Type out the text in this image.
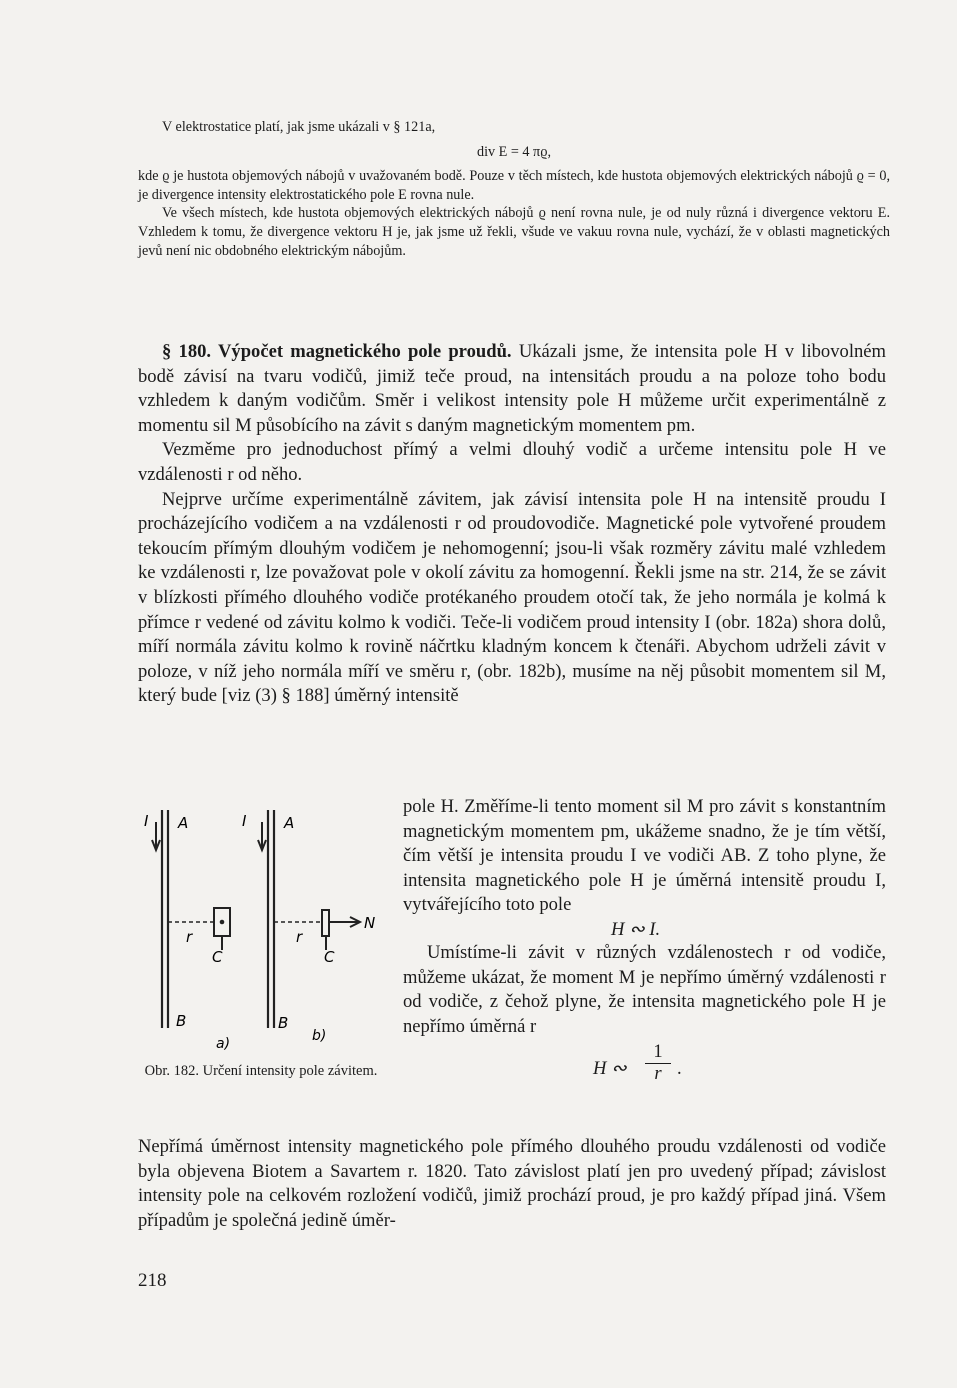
V elektrostatice platí, jak jsme ukázali v § 121a,

div E = 4 πϱ,

kde ϱ je hustota objemových nábojů v uvažovaném bodě. Pouze v těch místech, kde hustota objemových elektrických nábojů ϱ = 0, je divergence intensity elektrostatického pole E rovna nule.

Ve všech místech, kde hustota objemových elektrických nábojů ϱ není rovna nule, je od nuly různá i divergence vektoru E. Vzhledem k tomu, že divergence vektoru H je, jak jsme už řekli, všude ve vakuu rovna nule, vychází, že v oblasti magnetických jevů není nic obdobného elektrickým nábojům.

§ 180. Výpočet magnetického pole proudů. Ukázali jsme, že intensita pole H v libovolném bodě závisí na tvaru vodičů, jimiž teče proud, na intensitách proudu a na poloze toho bodu vzhledem k daným vodičům. Směr i velikost intensity pole H můžeme určit experimentálně z momentu sil M působícího na závit s daným magnetickým momentem pm.

Vezměme pro jednoduchost přímý a velmi dlouhý vodič a určeme intensitu pole H ve vzdálenosti r od něho.

Nejprve určíme experimentálně závitem, jak závisí intensita pole H na intensitě proudu I procházejícího vodičem a na vzdálenosti r od proudovodiče. Magnetické pole vytvořené proudem tekoucím přímým dlouhým vodičem je nehomogenní; jsou-li však rozměry závitu malé vzhledem ke vzdálenosti r, lze považovat pole v okolí závitu za homogenní. Řekli jsme na str. 214, že se závit v blízkosti přímého dlouhého vodiče protékaného proudem otočí tak, že jeho normála je kolmá k přímce r vedené od závitu kolmo k vodiči. Teče-li vodičem proud intensity I (obr. 182a) shora dolů, míří normála závitu kolmo k rovině náčrtku kladným koncem k čtenáři. Abychom udrželi závit v poloze, v níž jeho normála míří ve směru r, (obr. 182b), musíme na něj působit momentem sil M, který bude [viz (3) § 188] úměrný intensitě

I A
r
C
B
a)
I	A
N
r
C
B
b)
Obr. 182. Určení intensity pole závitem.

pole H. Změříme-li tento moment sil M pro závit s konstantním magnetickým momentem pm, ukážeme snadno, že je tím větší, čím větší je intensita proudu I ve vodiči AB. Z toho plyne, že intensita magnetického pole H je úměrná intensitě proudu I, vytvářejícího toto pole

H ∾ I.

Umístíme-li závit v různých vzdálenostech r od vodiče, můžeme ukázat, že moment M je nepřímo úměrný vzdálenosti r od vodiče, z čehož plyne, že intensita magnetického pole H je nepřímo úměrná r

H ∾ $\frac{1}{r}$ .

Nepřímá úměrnost intensity magnetického pole přímého dlouhého proudu vzdálenosti od vodiče byla objevena Biotem a Savartem r. 1820. Tato závislost platí jen pro uvedený případ; závislost intensity pole na celkovém rozložení vodičů, jimiž prochází proud, je pro každý případ jiná. Všem případům je společná jedině úměr-

218
